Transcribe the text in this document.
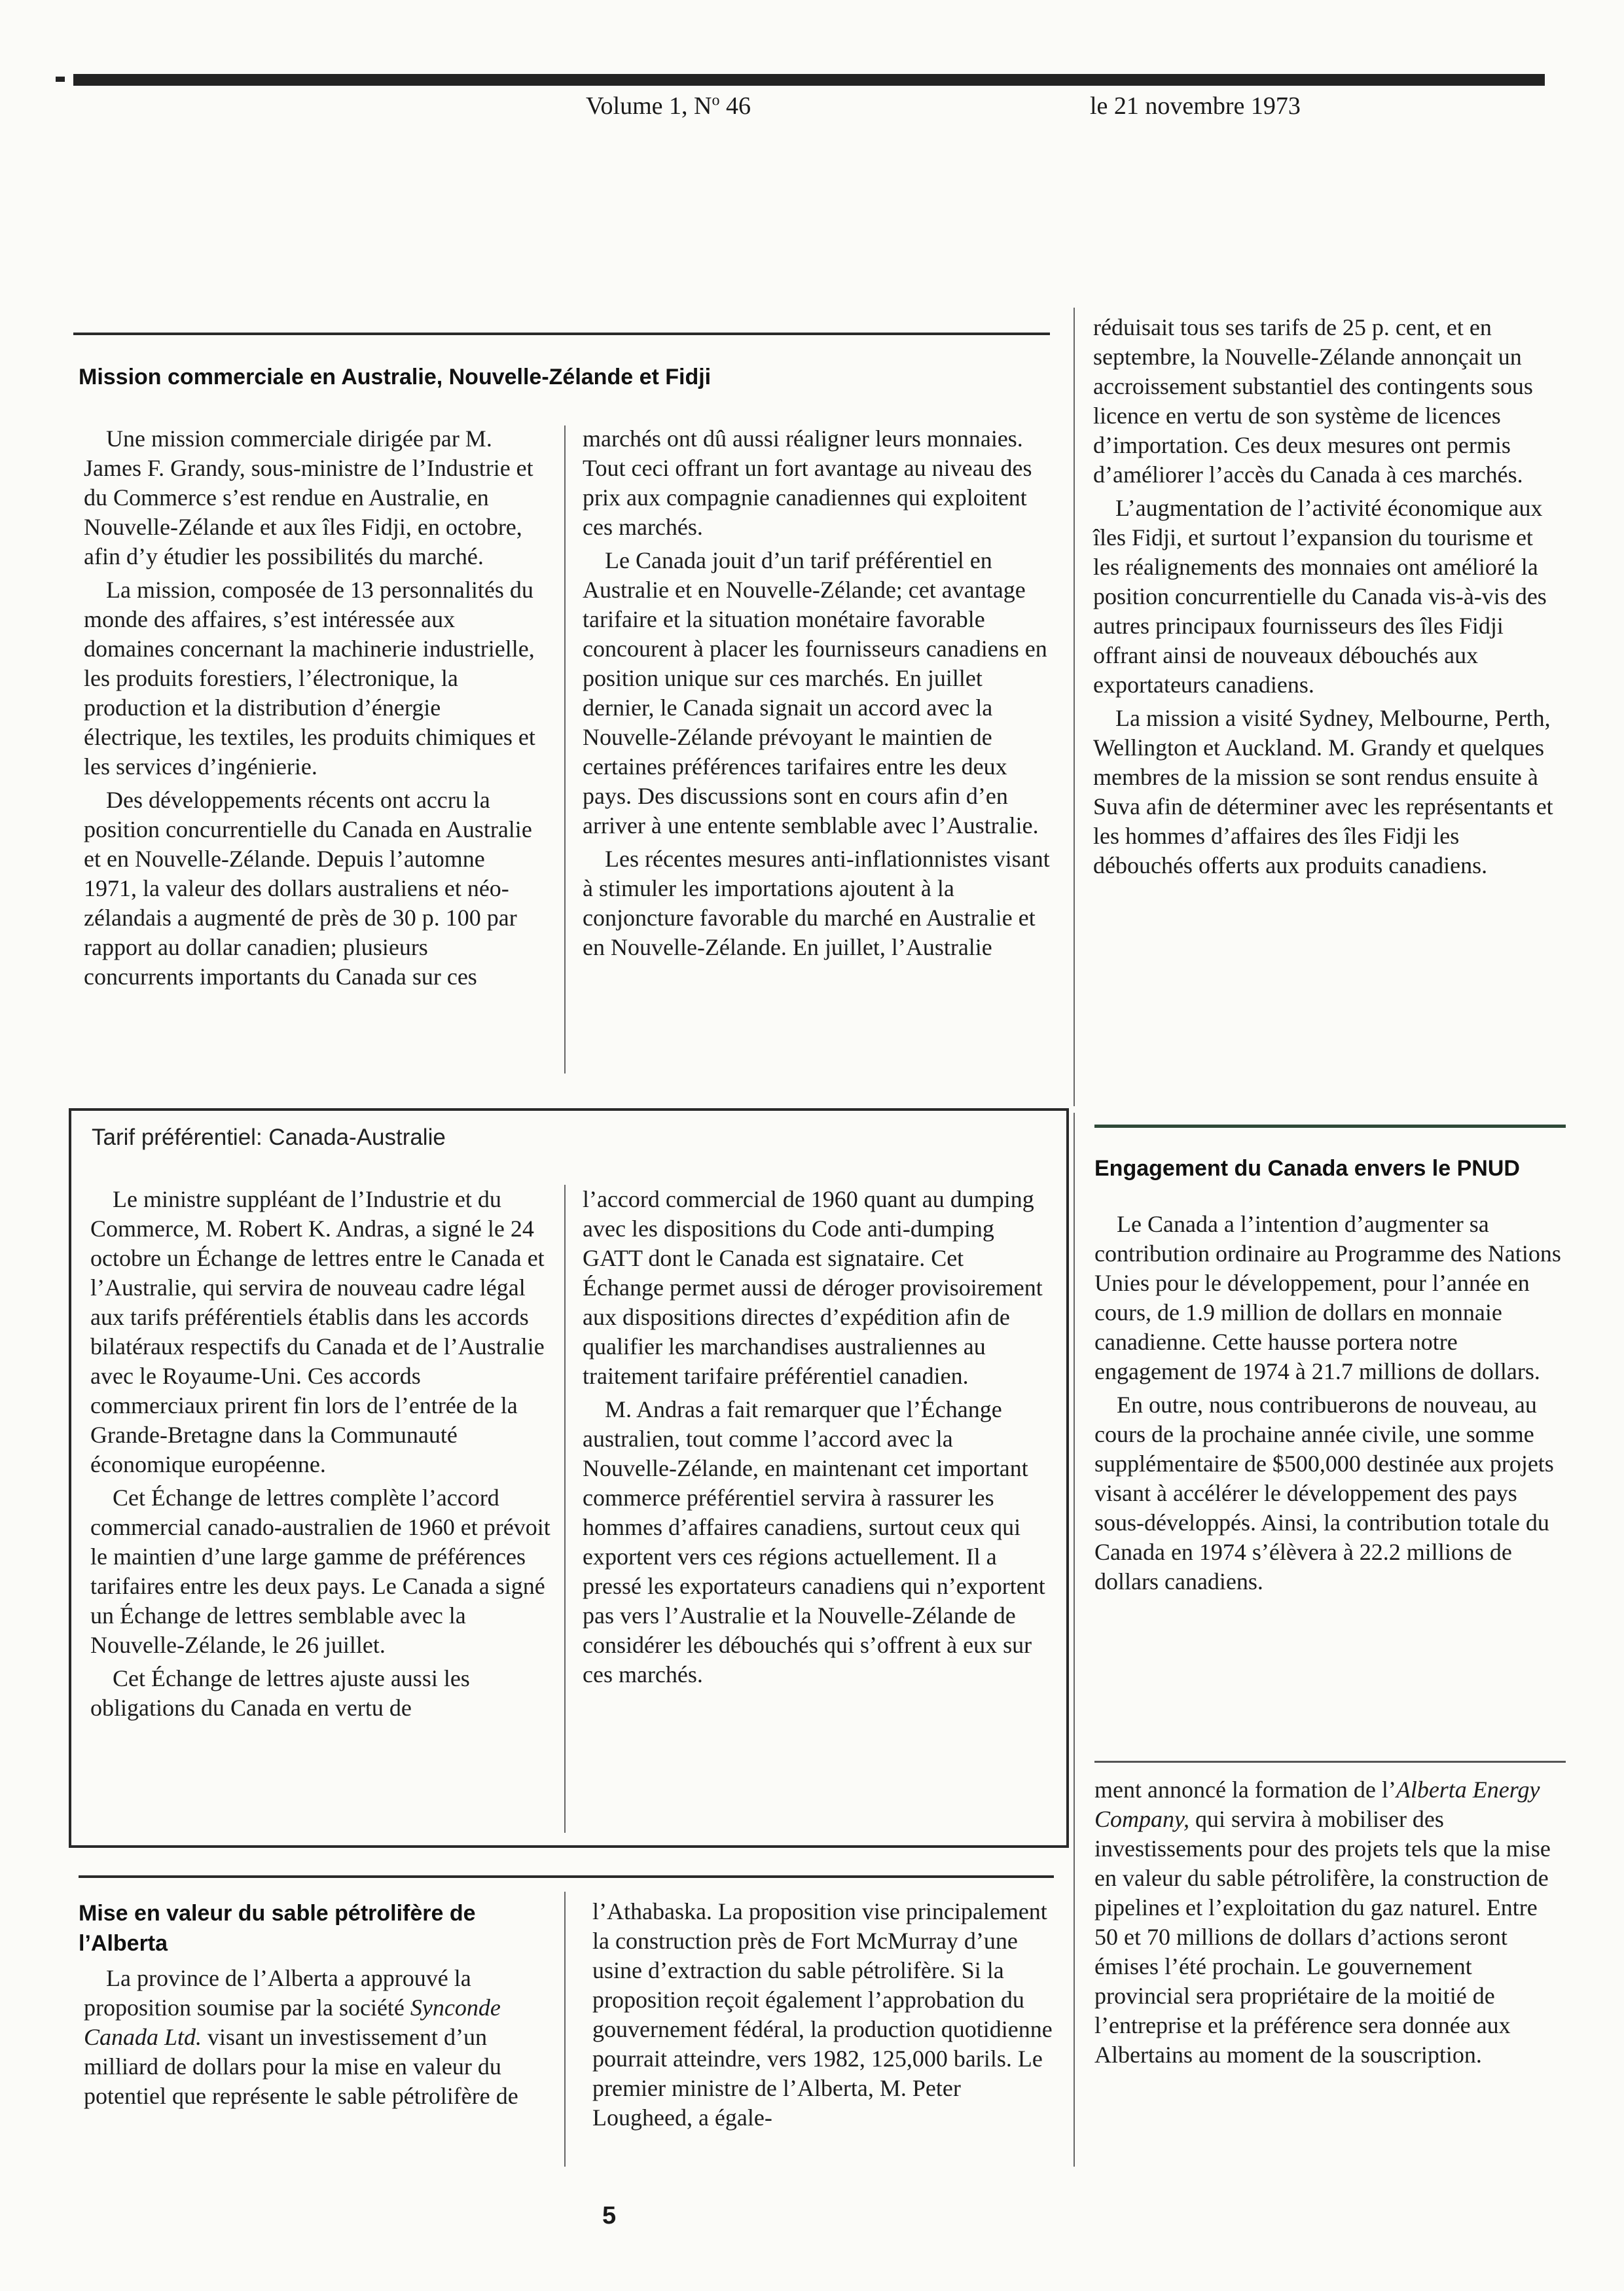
Volume 1, $N^o$ 46	le 21 novembre 1973
Mission commerciale en Australie, Nouvelle-Zélande et Fidji

Une mission commerciale dirigée par M. James F. Grandy, sous-ministre de l’Industrie et du Commerce s’est rendue en Australie, en Nouvelle-Zélande et aux îles Fidji, en octobre, afin d’y étudier les possibilités du marché.

La mission, composée de 13 personnalités du monde des affaires, s’est intéressée aux domaines concernant la machinerie industrielle, les produits forestiers, l’électronique, la production et la distribution d’énergie électrique, les textiles, les produits chimiques et les services d’ingénierie.

Des développements récents ont accru la position concurrentielle du Canada en Australie et en Nouvelle-Zélande. Depuis l’automne 1971, la valeur des dollars australiens et néo-zélandais a augmenté de près de 30 p. 100 par rapport au dollar canadien; plusieurs concurrents importants du Canada sur ces

marchés ont dû aussi réaligner leurs monnaies. Tout ceci offrant un fort avantage au niveau des prix aux compagnie canadiennes qui exploitent ces marchés.

Le Canada jouit d’un tarif préférentiel en Australie et en Nouvelle-Zélande; cet avantage tarifaire et la situation monétaire favorable concourent à placer les fournisseurs canadiens en position unique sur ces marchés. En juillet dernier, le Canada signait un accord avec la Nouvelle-Zélande prévoyant le maintien de certaines préférences tarifaires entre les deux pays. Des discussions sont en cours afin d’en arriver à une entente semblable avec l’Australie.

Les récentes mesures anti-inflationnistes visant à stimuler les importations ajoutent à la conjoncture favorable du marché en Australie et en Nouvelle-Zélande. En juillet, l’Australie

réduisait tous ses tarifs de 25 p. cent, et en septembre, la Nouvelle-Zélande annonçait un accroissement substantiel des contingents sous licence en vertu de son système de licences d’importation. Ces deux mesures ont permis d’améliorer l’accès du Canada à ces marchés.

L’augmentation de l’activité économique aux îles Fidji, et surtout l’expansion du tourisme et les réalignements des monnaies ont amélioré la position concurrentielle du Canada vis-à-vis des autres principaux fournisseurs des îles Fidji offrant ainsi de nouveaux débouchés aux exportateurs canadiens.

La mission a visité Sydney, Melbourne, Perth, Wellington et Auckland. M. Grandy et quelques membres de la mission se sont rendus ensuite à Suva afin de déterminer avec les représentants et les hommes d’affaires des îles Fidji les débouchés offerts aux produits canadiens.

Tarif préférentiel: Canada-Australie

Le ministre suppléant de l’Industrie et du Commerce, M. Robert K. Andras, a signé le 24 octobre un Échange de lettres entre le Canada et l’Australie, qui servira de nouveau cadre légal aux tarifs préférentiels établis dans les accords bilatéraux respectifs du Canada et de l’Australie avec le Royaume-Uni. Ces accords commerciaux prirent fin lors de l’entrée de la Grande-Bretagne dans la Communauté économique européenne.

Cet Échange de lettres complète l’accord commercial canado-australien de 1960 et prévoit le maintien d’une large gamme de préférences tarifaires entre les deux pays. Le Canada a signé un Échange de lettres semblable avec la Nouvelle-Zélande, le 26 juillet.

Cet Échange de lettres ajuste aussi les obligations du Canada en vertu de

l’accord commercial de 1960 quant au dumping avec les dispositions du Code anti-dumping GATT dont le Canada est signataire. Cet Échange permet aussi de déroger provisoirement aux dispositions directes d’expédition afin de qualifier les marchandises australiennes au traitement tarifaire préférentiel canadien.

M. Andras a fait remarquer que l’Échange australien, tout comme l’accord avec la Nouvelle-Zélande, en maintenant cet important commerce préférentiel servira à rassurer les hommes d’affaires canadiens, surtout ceux qui exportent vers ces régions actuellement. Il a pressé les exportateurs canadiens qui n’exportent pas vers l’Australie et la Nouvelle-Zélande de considérer les débouchés qui s’offrent à eux sur ces marchés.

Engagement du Canada envers le PNUD

Le Canada a l’intention d’augmenter sa contribution ordinaire au Programme des Nations Unies pour le développement, pour l’année en cours, de 1.9 million de dollars en monnaie canadienne. Cette hausse portera notre engagement de 1974 à 21.7 millions de dollars.

En outre, nous contribuerons de nouveau, au cours de la prochaine année civile, une somme supplémentaire de $500,000 destinée aux projets visant à accélérer le développement des pays sous-développés. Ainsi, la contribution totale du Canada en 1974 s’élèvera à 22.2 millions de dollars canadiens.

Mise en valeur du sable pétrolifère de
l’Alberta

La province de l’Alberta a approuvé la proposition soumise par la société Synconde Canada Ltd. visant un investissement d’un milliard de dollars pour la mise en valeur du potentiel que représente le sable pétrolifère de

l’Athabaska. La proposition vise principalement la construction près de Fort McMurray d’une usine d’extraction du sable pétrolifère. Si la proposition reçoit également l’approbation du gouvernement fédéral, la production quotidienne pourrait atteindre, vers 1982, 125,000 barils. Le premier ministre de l’Alberta, M. Peter Lougheed, a égale-

ment annoncé la formation de l’Alberta Energy Company, qui servira à mobiliser des investissements pour des projets tels que la mise en valeur du sable pétrolifère, la construction de pipelines et l’exploitation du gaz naturel. Entre 50 et 70 millions de dollars d’actions seront émises l’été prochain. Le gouvernement provincial sera propriétaire de la moitié de l’entreprise et la préférence sera donnée aux Albertains au moment de la souscription.

5
